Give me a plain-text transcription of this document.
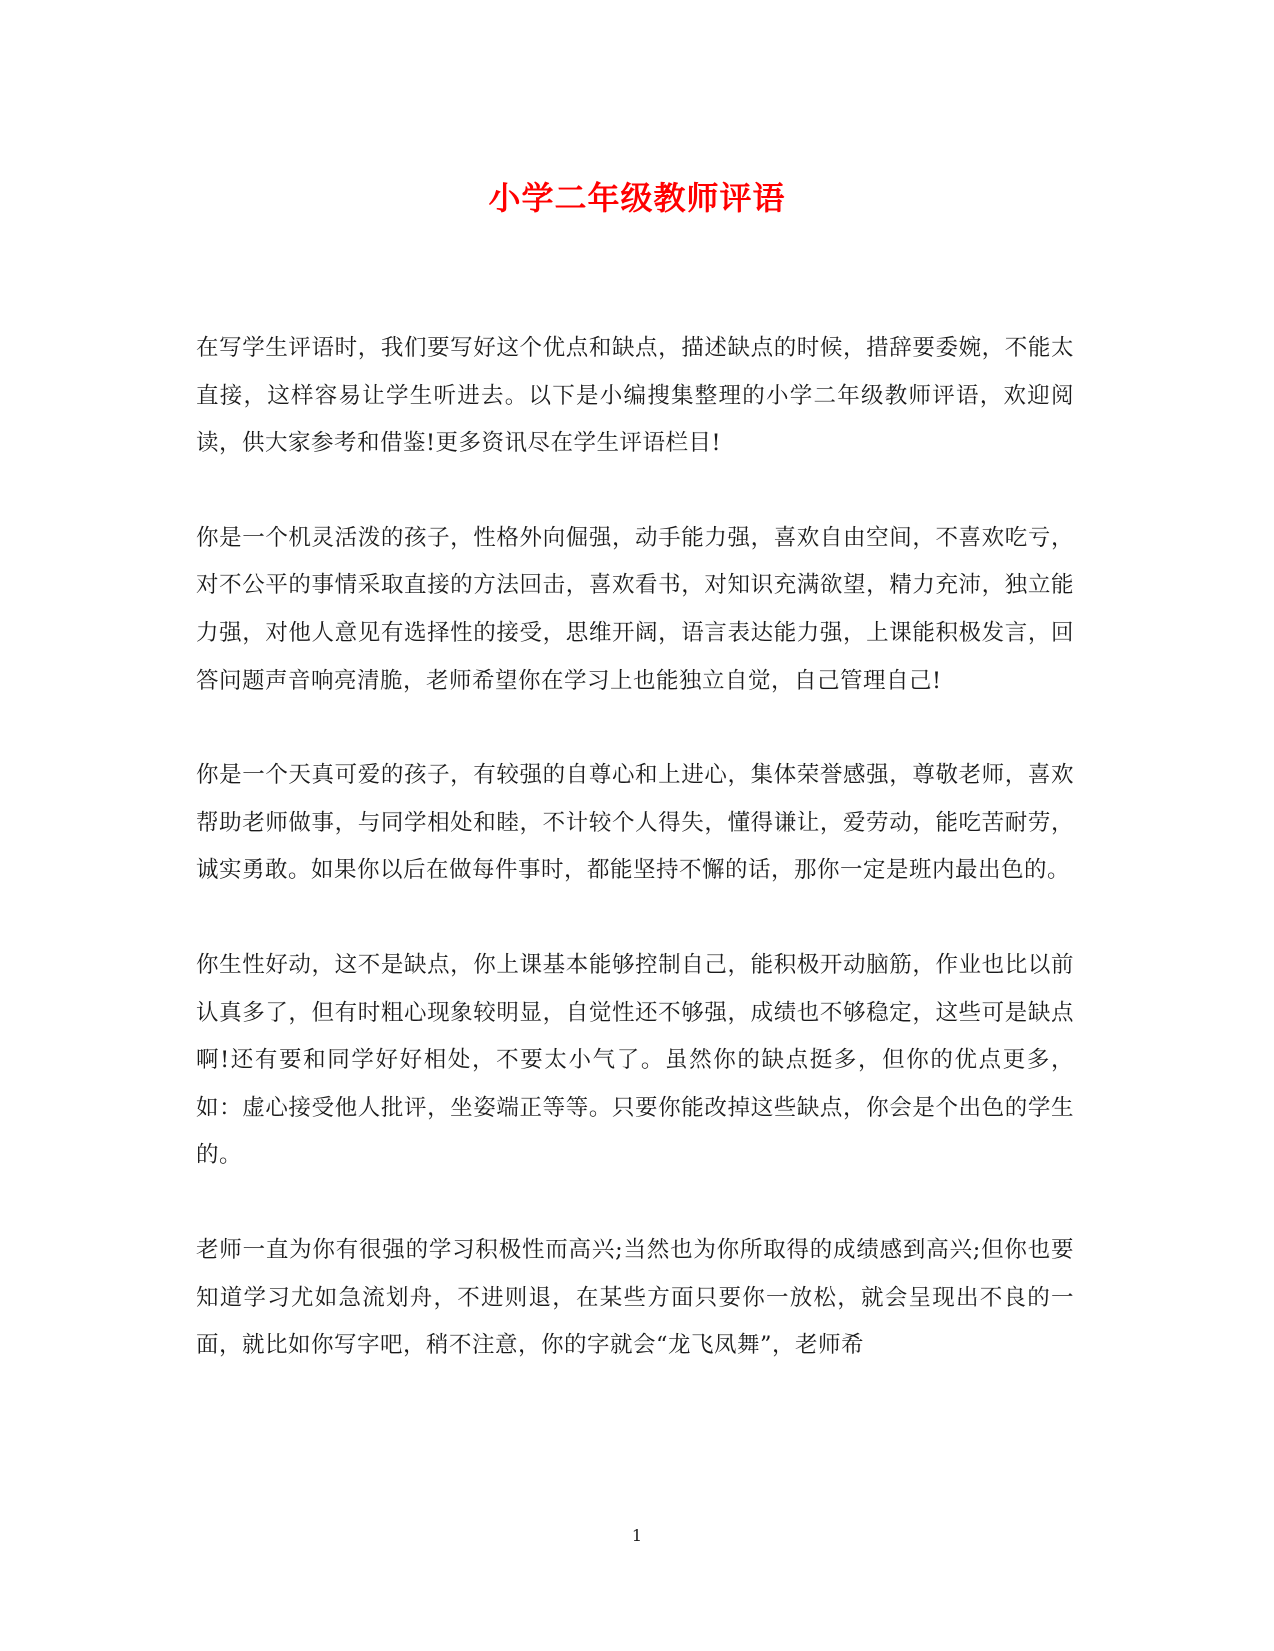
小学二年级教师评语

在写学生评语时，我们要写好这个优点和缺点，描述缺点的时候，措辞要委婉，不能太直接，这样容易让学生听进去。以下是小编搜集整理的小学二年级教师评语，欢迎阅读，供大家参考和借鉴!更多资讯尽在学生评语栏目!

你是一个机灵活泼的孩子，性格外向倔强，动手能力强，喜欢自由空间，不喜欢吃亏，对不公平的事情采取直接的方法回击，喜欢看书，对知识充满欲望，精力充沛，独立能力强，对他人意见有选择性的接受，思维开阔，语言表达能力强，上课能积极发言，回答问题声音响亮清脆，老师希望你在学习上也能独立自觉，自己管理自己!

你是一个天真可爱的孩子，有较强的自尊心和上进心，集体荣誉感强，尊敬老师，喜欢帮助老师做事，与同学相处和睦，不计较个人得失，懂得谦让，爱劳动，能吃苦耐劳，诚实勇敢。如果你以后在做每件事时，都能坚持不懈的话，那你一定是班内最出色的。

你生性好动，这不是缺点，你上课基本能够控制自己，能积极开动脑筋，作业也比以前认真多了，但有时粗心现象较明显，自觉性还不够强，成绩也不够稳定，这些可是缺点啊!还有要和同学好好相处，不要太小气了。虽然你的缺点挺多，但你的优点更多，如：虚心接受他人批评，坐姿端正等等。只要你能改掉这些缺点，你会是个出色的学生的。

老师一直为你有很强的学习积极性而高兴;当然也为你所取得的成绩感到高兴;但你也要知道学习尤如急流划舟，不进则退，在某些方面只要你一放松，就会呈现出不良的一面，就比如你写字吧，稍不注意，你的字就会“龙飞凤舞”，老师希

1
